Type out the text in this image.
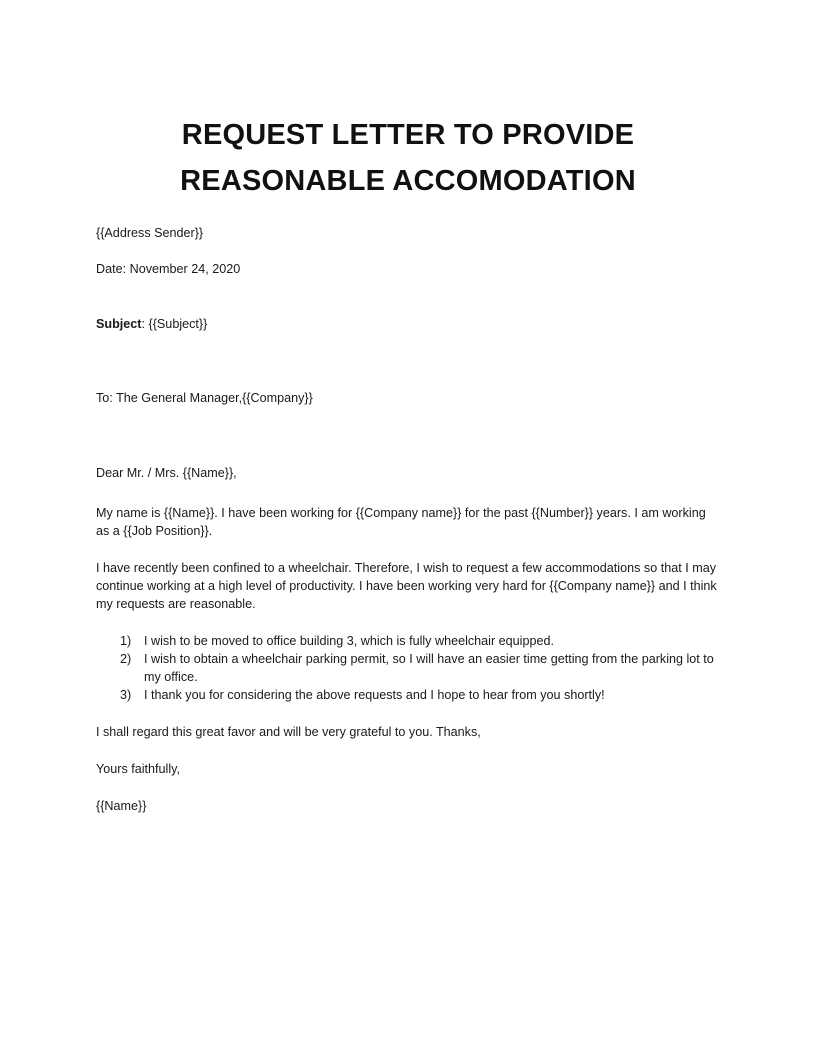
REQUEST LETTER TO PROVIDE
REASONABLE ACCOMODATION
{{Address Sender}}
Date: November 24, 2020
Subject: {{Subject}}
To: The General Manager,{{Company}}
Dear Mr. / Mrs. {{Name}},
My name is {{Name}}. I have been working for {{Company name}} for the past {{Number}} years. I am working as a {{Job Position}}.
I have recently been confined to a wheelchair. Therefore, I wish to request a few accommodations so that I may continue working at a high level of productivity. I have been working very hard for {{Company name}} and I think my requests are reasonable.
1) I wish to be moved to office building 3, which is fully wheelchair equipped.
2) I wish to obtain a wheelchair parking permit, so I will have an easier time getting from the parking lot to my office.
3) I thank you for considering the above requests and I hope to hear from you shortly!
I shall regard this great favor and will be very grateful to you. Thanks,
Yours faithfully,
{{Name}}
